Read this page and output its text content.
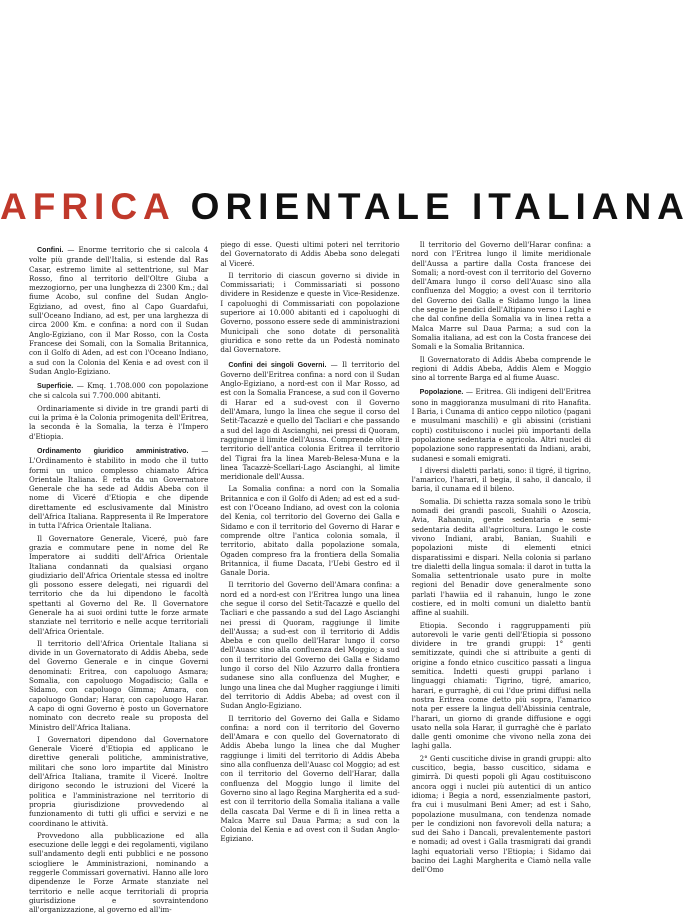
AFRICA ORIENTALE ITALIANA

Confini. — Enorme territorio che si calcola 4 volte più grande dell'Italia, si estende dal Ras Casar, estremo limite al settentrione, sul Mar Rosso, fino al territorio dell'Oltre Giuba a mezzogiorno, per una lunghezza di 2300 Km.; dal fiume Acobo, sul confine del Sudan Anglo-Egiziano, ad ovest, fino al Capo Guardafui, sull'Oceano Indiano, ad est, per una larghezza di circa 2000 Km. e confina: a nord con il Sudan Anglo-Egiziano, con il Mar Rosso, con la Costa Francese dei Somali, con la Somalia Britannica, con il Golfo di Aden, ad est con l'Oceano Indiano, a sud con la Colonia del Kenia e ad ovest con il Sudan Anglo-Egiziano.

Superficie. — Kmq. 1.708.000 con popolazione che si calcola sui 7.700.000 abitanti.

Ordinariamente si divide in tre grandi parti di cui la prima è la Colonia primogenita dell'Eritrea, la seconda è la Somalia, la terza è l'Impero d'Etiopia.

Ordinamento giuridico amministrativo. — L'Ordinamento è stabilito in modo che il tutto formi un unico complesso chiamato Africa Orientale Italiana. È retta da un Governatore Generale che ha sede ad Addis Abeba con il nome di Viceré d'Etiopia e che dipende direttamente ed esclusivamente dal Ministro dell'Africa Italiana. Rappresenta il Re Imperatore in tutta l'Africa Orientale Italiana.

Il Governatore Generale, Viceré, può fare grazia e commutare pene in nome del Re Imperatore ai sudditi dell'Africa Orientale Italiana condannati da qualsiasi organo giudiziario dell'Africa Orientale stessa ed inoltre gli possono essere delegati, nei riguardi del territorio che da lui dipendono le facoltà spettanti al Governo del Re. Il Governatore Generale ha ai suoi ordini tutte le forze armate stanziate nel territorio e nelle acque territoriali dell'Africa Orientale.

Il territorio dell'Africa Orientale Italiana si divide in un Governatorato di Addis Abeba, sede del Governo Generale e in cinque Governi denominati: Eritrea, con capoluogo Asmara; Somalia, con capoluogo Mogadiscio; Galla e Sidamo, con capoluogo Gimma; Amara, con capoluogo Gondar; Harar, con capoluogo Harar. A capo di ogni Governo è posto un Governatore nominato con decreto reale su proposta del Ministro dell'Africa Italiana.

I Governatori dipendono dal Governatore Generale Viceré d'Etiopia ed applicano le direttive generali politiche, amministrative, militari che sono loro impartite dal Ministro dell'Africa Italiana, tramite il Viceré. Inoltre dirigono secondo le istruzioni del Viceré la politica e l'amministrazione nel territorio di propria giurisdizione provvedendo al funzionamento di tutti gli uffici e servizi e ne coordinano le attività.

Provvedono alla pubblicazione ed alla esecuzione delle leggi e dei regolamenti, vigilano sull'andamento degli enti pubblici e ne possono sciogliere le Amministrazioni, nominando a reggerle Commissari governativi. Hanno alle loro dipendenze le Forze Armate stanziate nel territorio e nelle acque territoriali di propria giurisdizione e sovraintendono all'organizzazione, al governo ed all'im-

piego di esse. Questi ultimi poteri nel territorio del Governatorato di Addis Abeba sono delegati al Viceré.

Il territorio di ciascun governo si divide in Commissariati; i Commissariati si possono dividere in Residenze e queste in Vice-Residenze. I capoluoghi di Commissariati con popolazione superiore ai 10.000 abitanti ed i capoluoghi di Governo, possono essere sede di amministrazioni Municipali che sono dotate di personalità giuridica e sono rette da un Podestà nominato dal Governatore.

Confini dei singoli Governi. — Il territorio del Governo dell'Eritrea confina: a nord con il Sudan Anglo-Egiziano, a nord-est con il Mar Rosso, ad est con la Somalia Francese, a sud con il Governo di Harar ed a sud-ovest con il Governo dell'Amara, lungo la linea che segue il corso del Setit-Tacazzè e quello del Tacliari e che passando a sud del lago di Ascianghi, nei pressi di Quoram, raggiunge il limite dell'Aussa. Comprende oltre il territorio dell'antica colonia Eritrea il territorio del Tigrai fra la linea Mareb-Belesa-Muna e la linea Tacazzè-Scellari-Lago Ascianghi, al limite meridionale dell'Aussa.

La Somalia confina: a nord con la Somalia Britannica e con il Golfo di Aden; ad est ed a sud-est con l'Oceano Indiano, ad ovest con la colonia del Kenia, col territorio del Governo dei Galla e Sidamo e con il territorio del Governo di Harar e comprende oltre l'antica colonia somala, il territorio, abitato dalla popolazione somala, Ogaden compreso fra la frontiera della Somalia Britannica, il fiume Dacata, l'Uebi Gestro ed il Ganale Doria.

Il territorio del Governo dell'Amara confina: a nord ed a nord-est con l'Eritrea lungo una linea che segue il corso del Setit-Tacazzè e quello del Tacliari e che passando a sud del Lago Ascianghi nei pressi di Quoram, raggiunge il limite dell'Aussa; a sud-est con il territorio di Addis Abeba e con quello dell'Harar lungo il corso dell'Auasc sino alla confluenza del Moggio; a sud con il territorio del Governo dei Galla e Sidamo lungo il corso del Nilo Azzurro dalla frontiera sudanese sino alla confluenza del Mugher, e lungo una linea che dal Mugher raggiunge i limiti del territorio di Addis Abeba; ad ovest con il Sudan Anglo-Egiziano.

Il territorio del Governo dei Galla e Sidamo confina: a nord con il territorio del Governo dell'Amara e con quello del Governatorato di Addis Abeba lungo la linea che dal Mugher raggiunge i limiti del territorio di Addis Abeba sino alla confluenza dell'Auasc col Moggio; ad est con il territorio del Governo dell'Harar, dalla confluenza del Moggio lungo il limite del Governo sino al lago Regina Margherita ed a sud-est con il territorio della Somalia italiana a valle della cascata Dal Verme e di lì in linea retta a Malca Marre sul Daua Parma; a sud con la Colonia del Kenia e ad ovest con il Sudan Anglo-Egiziano.

Il territorio del Governo dell'Harar confina: a nord con l'Eritrea lungo il limite meridionale dell'Aussa a partire dalla Costa francese dei Somali; a nord-ovest con il territorio del Governo dell'Amara lungo il corso dell'Auasc sino alla confluenza del Moggio; a ovest con il territorio del Governo dei Galla e Sidamo lungo la linea che segue le pendici dell'Altipiano verso i Laghi e che dal confine della Somalia va in linea retta a Malca Marre sul Daua Parma; a sud con la Somalia italiana, ad est con la Costa francese dei Somali e la Somalia Britannica.

Il Governatorato di Addis Abeba comprende le regioni di Addis Abeba, Addis Alem e Moggio sino al torrente Barga ed al fiume Auasc.

Popolazione. — Eritrea. Gli indigeni dell'Eritrea sono in maggioranza musulmani di rito Hanafita. I Baria, i Cunama di antico ceppo nilotico (pagani e musulmani maschili) e gli abissini (cristiani copti) costituiscono i nuclei più importanti della popolazione sedentaria e agricola. Altri nuclei di popolazione sono rappresentati da Indiani, arabi, sudanesi e somali emigrati.

I diversi dialetti parlati, sono: il tigré, il tigrino, l'amarico, l'harari, il begia, il saho, il dancalo, il baria, il cunama ed il bileno.

Somalia. Di schietta razza somala sono le tribù nomadi dei grandi pascoli, Suahili o Azoscia, Avia, Rahanuin, gente sedentaria e semi-sedentaria dedita all'agricoltura. Lungo le coste vivono Indiani, arabi, Banian, Suahili e popolazioni miste di elementi etnici disparatissimi e dispari. Nella colonia si parlano tre dialetti della lingua somala: il darot in tutta la Somalia settentrionale usato pure in molte regioni del Benadir dove generalmente sono parlati l'hawiia ed il rahanuin, lungo le zone costiere, ed in molti comuni un dialetto bantù affine al suahili.

Etiopia. Secondo i raggruppamenti più autorevoli le varie genti dell'Etiopia si possono dividere in tre grandi gruppi: 1° genti semitizzate, quindi che si attribuite a genti di origine a fondo etnico cuscitico passati a lingua semitica. Indetti questi gruppi parlano i linguaggi chiamati: Tigrino, tigré, amarico, harari, e gurraghè, di cui l'due primi diffusi nella nostra Eritrea come detto più sopra, l'amarico nota per essere la lingua dell'Abissinia centrale, l'harari, un giorno di grande diffusione e oggi usato nella sola Harar, il gurraghè che è parlato dalle genti omonime che vivono nella zona dei laghi galla.

2° Genti cuscitiche divise in grandi gruppi: alto cuscitico, begia, basso cuscitico, sidama e gimirrà. Di questi popoli gli Agau costituiscono ancora oggi i nuclei più autentici di un antico idioma; i Begia a nord, essenzialmente pastori, fra cui i musulmani Beni Amer; ad est i Saho, popolazione musulmana, con tendenza nomade per le condizioni non favorevoli della natura; a sud dei Saho i Dancali, prevalentemente pastori e nomadi; ad ovest i Galla trasmigrati dai grandi laghi equatoriali verso l'Etiopia; i Sidamo dai bacino dei Laghi Margherita e Ciamò nella valle dell'Omo
